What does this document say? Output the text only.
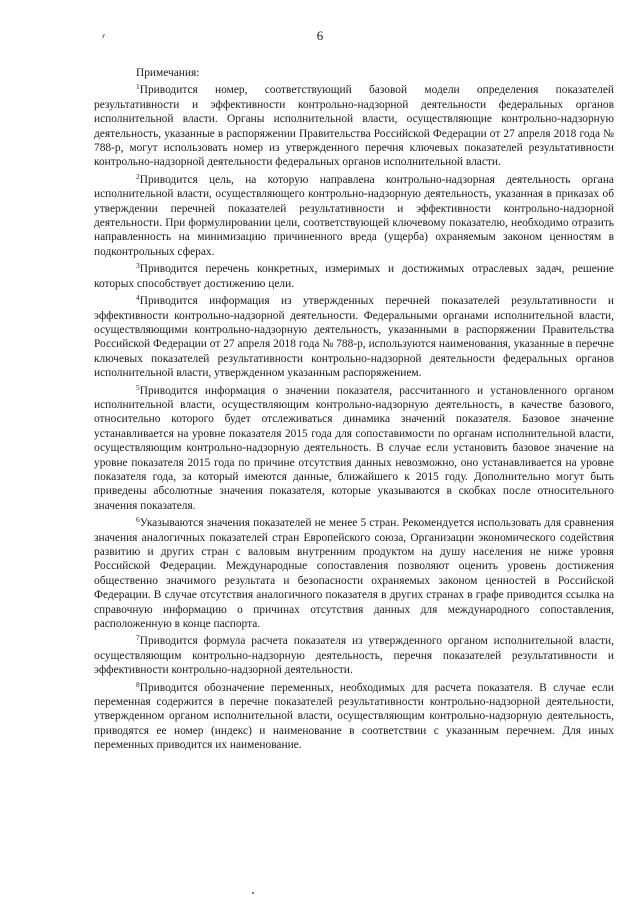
6

Примечания:

$^1$Приводится номер, соответствующий базовой модели определения показателей результативности и эффективности контрольно-надзорной деятельности федеральных органов исполнительной власти. Органы исполнительной власти, осуществляющие контрольно-надзорную деятельность, указанные в распоряжении Правительства Российской Федерации от 27 апреля 2018 года № 788-р, могут использовать номер из утвержденного перечня ключевых показателей результативности контрольно-надзорной деятельности федеральных органов исполнительной власти.

$^2$Приводится цель, на которую направлена контрольно-надзорная деятельность органа исполнительной власти, осуществляющего контрольно-надзорную деятельность, указанная в приказах об утверждении перечней показателей результативности и эффективности контрольно-надзорной деятельности. При формулировании цели, соответствующей ключевому показателю, необходимо отразить направленность на минимизацию причиненного вреда (ущерба) охраняемым законом ценностям в подконтрольных сферах.

$^3$Приводится перечень конкретных, измеримых и достижимых отраслевых задач, решение которых способствует достижению цели.

$^4$Приводится информация из утвержденных перечней показателей результативности и эффективности контрольно-надзорной деятельности. Федеральными органами исполнительной власти, осуществляющими контрольно-надзорную деятельность, указанными в распоряжении Правительства Российской Федерации от 27 апреля 2018 года № 788-р, используются наименования, указанные в перечне ключевых показателей результативности контрольно-надзорной деятельности федеральных органов исполнительной власти, утвержденном указанным распоряжением.

$^5$Приводится информация о значении показателя, рассчитанного и установленного органом исполнительной власти, осуществляющим контрольно-надзорную деятельность, в качестве базового, относительно которого будет отслеживаться динамика значений показателя. Базовое значение устанавливается на уровне показателя 2015 года для сопоставимости по органам исполнительной власти, осуществляющим контрольно-надзорную деятельность. В случае если установить базовое значение на уровне показателя 2015 года по причине отсутствия данных невозможно, оно устанавливается на уровне показателя года, за который имеются данные, ближайшего к 2015 году. Дополнительно могут быть приведены абсолютные значения показателя, которые указываются в скобках после относительного значения показателя.

$^6$Указываются значения показателей не менее 5 стран. Рекомендуется использовать для сравнения значения аналогичных показателей стран Европейского союза, Организации экономического содействия развитию и других стран с валовым внутренним продуктом на душу населения не ниже уровня Российской Федерации. Международные сопоставления позволяют оценить уровень достижения общественно значимого результата и безопасности охраняемых законом ценностей в Российской Федерации. В случае отсутствия аналогичного показателя в других странах в графе приводится ссылка на справочную информацию о причинах отсутствия данных для международного сопоставления, расположенную в конце паспорта.

$^7$Приводится формула расчета показателя из утвержденного органом исполнительной власти, осуществляющим контрольно-надзорную деятельность, перечня показателей результативности и эффективности контрольно-надзорной деятельности.

$^8$Приводится обозначение переменных, необходимых для расчета показателя. В случае если переменная содержится в перечне показателей результативности контрольно-надзорной деятельности, утвержденном органом исполнительной власти, осуществляющим контрольно-надзорную деятельность, приводятся ее номер (индекс) и наименование в соответствии с указанным перечнем. Для иных переменных приводится их наименование.
